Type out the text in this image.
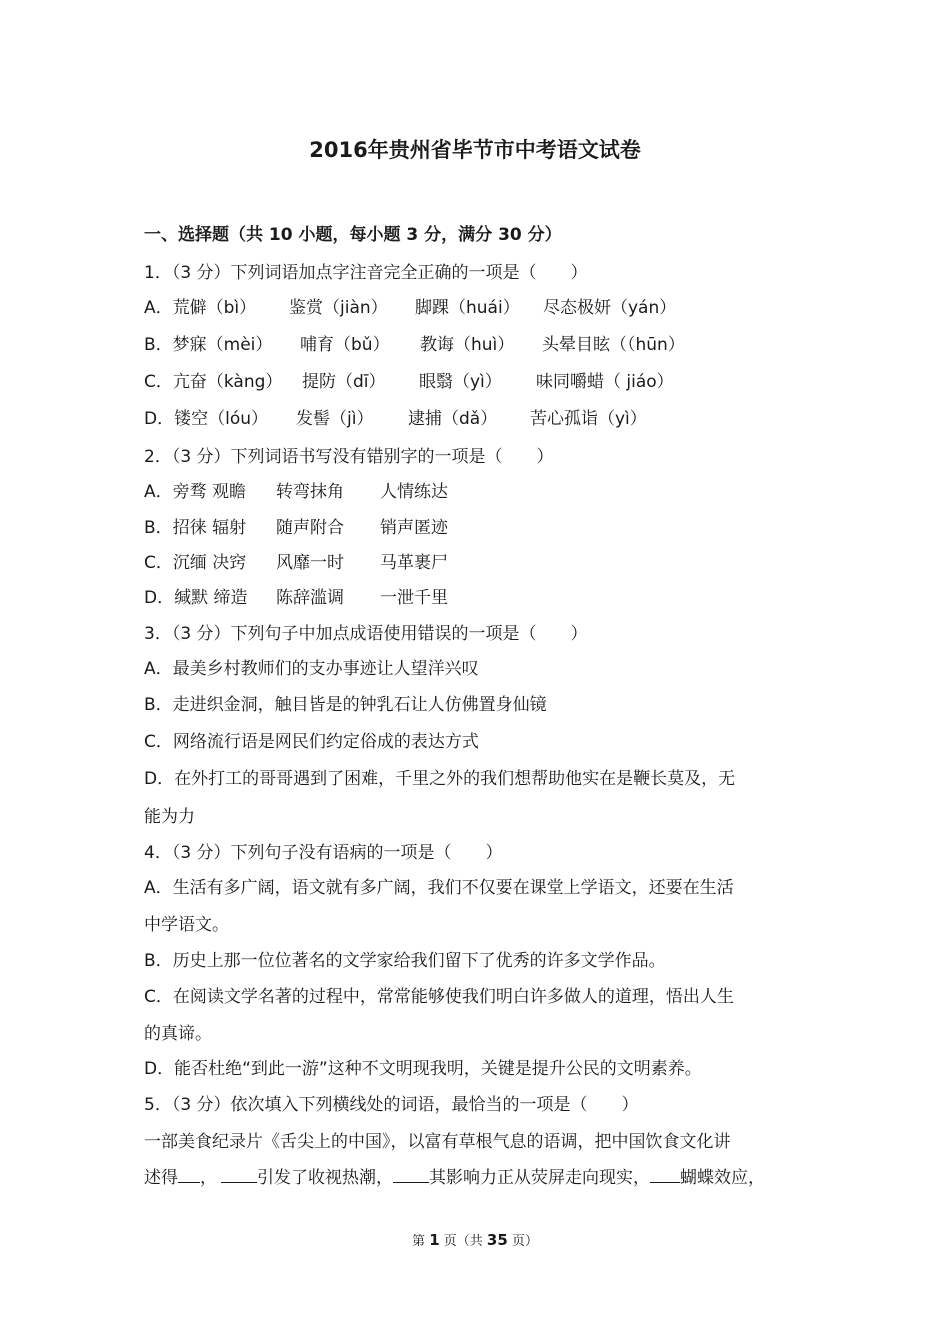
2016年贵州省毕节市中考语文试卷
一、选择题（共 10 小题，每小题 3 分，满分 30 分）
1．（3 分）下列词语加点字注音完全正确的一项是（　　）
A．荒僻（bì） 鉴赏（jiàn） 脚踝（huái） 尽态极妍（yán）
B．梦寐（mèi） 哺育（bǔ） 教诲（huì） 头晕目眩（（hūn）
C．亢奋（kàng） 提防（dī） 眼翳（yì） 味同嚼蜡（ jiáo）
D．镂空（lóu） 发髻（jì） 逮捕（dǎ） 苦心孤诣（yì）
2．（3 分）下列词语书写没有错别字的一项是（　　）
A．旁骛 观瞻 转弯抹角 人情练达
B．招徕 辐射 随声附合 销声匿迹
C．沉缅 决窍 风靡一时 马革裹尸
D．缄默 缔造 陈辞滥调 一泄千里
3．（3 分）下列句子中加点成语使用错误的一项是（　　）
A．最美乡村教师们的支办事迹让人望洋兴叹
B．走进织金洞，触目皆是的钟乳石让人仿佛置身仙镜
C．网络流行语是网民们约定俗成的表达方式
D．在外打工的哥哥遇到了困难，千里之外的我们想帮助他实在是鞭长莫及，无
能为力
4．（3 分）下列句子没有语病的一项是（　　）
A．生活有多广阔，语文就有多广阔，我们不仅要在课堂上学语文，还要在生活
中学语文。
B．历史上那一位位著名的文学家给我们留下了优秀的许多文学作品。
C．在阅读文学名著的过程中，常常能够使我们明白许多做人的道理，悟出人生
的真谛。
D．能否杜绝“到此一游”这种不文明现我明，关键是提升公民的文明素养。
5．（3 分）依次填入下列横线处的词语，最恰当的一项是（　　）
一部美食纪录片《舌尖上的中国》，以富有草根气息的语调，把中国饮食文化讲
述得 ， 引发了收视热潮， 其影响力正从荧屏走向现实， 蝴蝶效应，
第 1 页（共 35 页）
